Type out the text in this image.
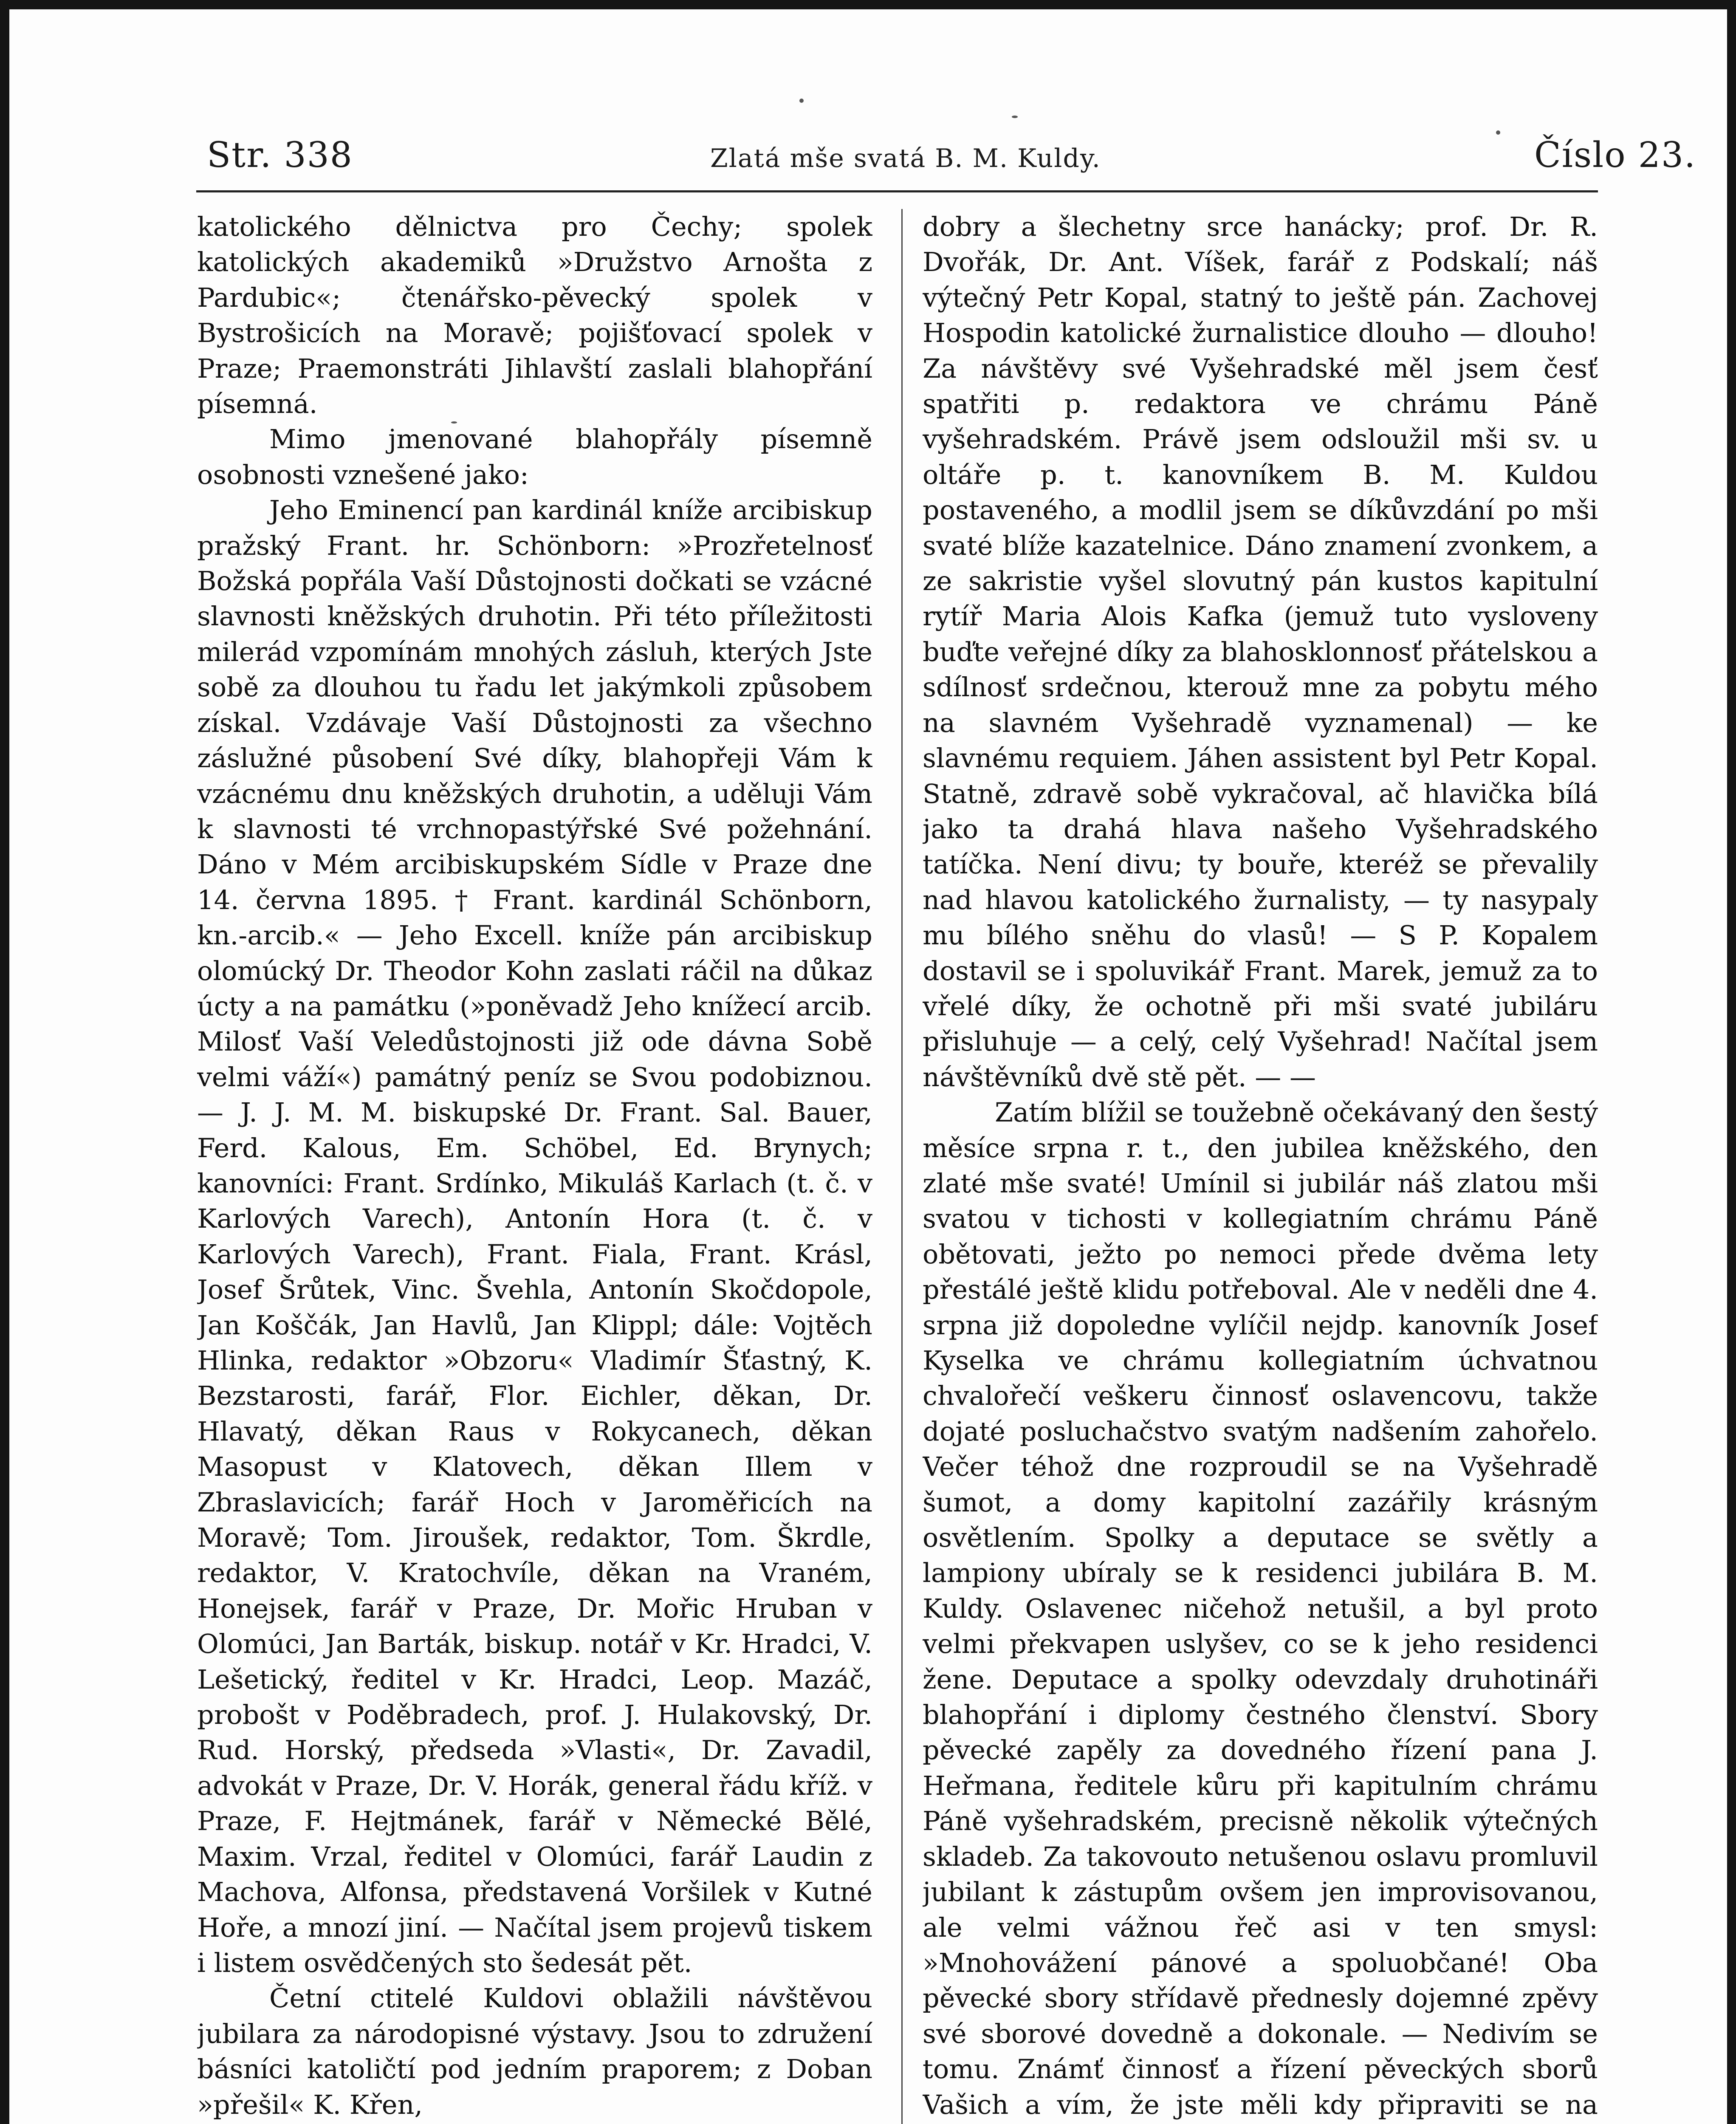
Str. 338	Zlatá mše svatá B. M. Kuldy.	Číslo 23.

katolického dělnictva pro Čechy; spolek katolických akademiků »Družstvo Arnošta z Pardubic«; čtenářsko-pěvecký spolek v Bystrošicích na Moravě; pojišťovací spolek v Praze; Praemonstráti Jihlavští zaslali blahopřání písemná.

Mimo jmenované blahopřály písemně osobnosti vznešené jako:

Jeho Eminencí pan kardinál kníže arcibiskup pražský Frant. hr. Schönborn: »Prozřetelnosť Božská popřála Vaší Důstojnosti dočkati se vzácné slavnosti kněžských druhotin. Při této příležitosti milerád vzpomínám mnohých zásluh, kterých Jste sobě za dlouhou tu řadu let jakýmkoli způsobem získal. Vzdávaje Vaší Důstojnosti za všechno záslužné působení Své díky, blahopřeji Vám k vzácnému dnu kněžských druhotin, a uděluji Vám k slavnosti té vrchnopastýřské Své požehnání. Dáno v Mém arcibiskupském Sídle v Praze dne 14. června 1895. † Frant. kardinál Schönborn, kn.-arcib.« — Jeho Excell. kníže pán arcibiskup olomúcký Dr. Theodor Kohn zaslati ráčil na důkaz úcty a na památku (»poněvadž Jeho knížecí arcib. Milosť Vaší Veledůstojnosti již ode dávna Sobě velmi váží«) památný peníz se Svou podobiznou. — J. J. M. M. biskupské Dr. Frant. Sal. Bauer, Ferd. Kalous, Em. Schöbel, Ed. Brynych; kanovníci: Frant. Srdínko, Mikuláš Karlach (t. č. v Karlových Varech), Antonín Hora (t. č. v Karlových Varech), Frant. Fiala, Frant. Krásl, Josef Šrůtek, Vinc. Švehla, Antonín Skočdopole, Jan Koščák, Jan Havlů, Jan Klippl; dále: Vojtěch Hlinka, redaktor »Obzoru« Vladimír Šťastný, K. Bezstarosti, farář, Flor. Eichler, děkan, Dr. Hlavatý, děkan Raus v Rokycanech, děkan Masopust v Klatovech, děkan Illem v Zbraslavicích; farář Hoch v Jaroměřicích na Moravě; Tom. Jiroušek, redaktor, Tom. Škrdle, redaktor, V. Kratochvíle, děkan na Vraném, Honejsek, farář v Praze, Dr. Mořic Hruban v Olomúci, Jan Barták, biskup. notář v Kr. Hradci, V. Lešetický, ředitel v Kr. Hradci, Leop. Mazáč, probošt v Poděbradech, prof. J. Hulakovský, Dr. Rud. Horský, předseda »Vlasti«, Dr. Zavadil, advokát v Praze, Dr. V. Horák, general řádu kříž. v Praze, F. Hejtmánek, farář v Německé Bělé, Maxim. Vrzal, ředitel v Olomúci, farář Laudin z Machova, Alfonsa, představená Voršilek v Kutné Hoře, a mnozí jiní. — Načítal jsem projevů tiskem i listem osvědčených sto šedesát pět.

Četní ctitelé Kuldovi oblažili návštěvou jubilara za národopisné výstavy. Jsou to združení básníci katoličtí pod jedním praporem; z Doban »přešil« K. Křen,

dobry a šlechetny srce hanácky; prof. Dr. R. Dvořák, Dr. Ant. Víšek, farář z Podskalí; náš výtečný Petr Kopal, statný to ještě pán. Zachovej Hospodin katolické žurnalistice dlouho — dlouho! Za návštěvy své Vyšehradské měl jsem česť spatřiti p. redaktora ve chrámu Páně vyšehradském. Právě jsem odsloužil mši sv. u oltáře p. t. kanovníkem B. M. Kuldou postaveného, a modlil jsem se díkůvzdání po mši svaté blíže kazatelnice. Dáno znamení zvonkem, a ze sakristie vyšel slovutný pán kustos kapitulní rytíř Maria Alois Kafka (jemuž tuto vysloveny buďte veřejné díky za blahosklonnosť přátelskou a sdílnosť srdečnou, kterouž mne za pobytu mého na slavném Vyšehradě vyznamenal) — ke slavnému requiem. Jáhen assistent byl Petr Kopal. Statně, zdravě sobě vykračoval, ač hlavička bílá jako ta drahá hlava našeho Vyšehradského tatíčka. Není divu; ty bouře, kteréž se převalily nad hlavou katolického žurnalisty, — ty nasypaly mu bílého sněhu do vlasů! — S P. Kopalem dostavil se i spoluvikář Frant. Marek, jemuž za to vřelé díky, že ochotně při mši svaté jubiláru přisluhuje — a celý, celý Vyšehrad! Načítal jsem návštěvníků dvě stě pět. — —

Zatím blížil se toužebně očekávaný den šestý měsíce srpna r. t., den jubilea kněžského, den zlaté mše svaté! Umínil si jubilár náš zlatou mši svatou v tichosti v kollegiatním chrámu Páně obětovati, ježto po nemoci přede dvěma lety přestálé ještě klidu potřeboval. Ale v neděli dne 4. srpna již dopoledne vylíčil nejdp. kanovník Josef Kyselka ve chrámu kollegiatním úchvatnou chvalořečí veškeru činnosť oslavencovu, takže dojaté posluchačstvo svatým nadšením zahořelo. Večer téhož dne rozproudil se na Vyšehradě šumot, a domy kapitolní zazářily krásným osvětlením. Spolky a deputace se světly a lampiony ubíraly se k residenci jubilára B. M. Kuldy. Oslavenec ničehož netušil, a byl proto velmi překvapen uslyšev, co se k jeho residenci žene. Deputace a spolky odevzdaly druhotináři blahopřání i diplomy čestného členství. Sbory pěvecké zapěly za dovedného řízení pana J. Heřmana, ředitele kůru při kapitulním chrámu Páně vyšehradském, precisně několik výtečných skladeb. Za takovouto netušenou oslavu promluvil jubilant k zástupům ovšem jen improvisovanou, ale velmi vážnou řeč asi v ten smysl: »Mnohovážení pánové a spoluobčané! Oba pěvecké sbory střídavě přednesly dojemné zpěvy své sborové dovedně a dokonale. — Nedivím se tomu. Známť činnosť a řízení pěveckých sborů Vašich a vím, že jste měli kdy připraviti se na
